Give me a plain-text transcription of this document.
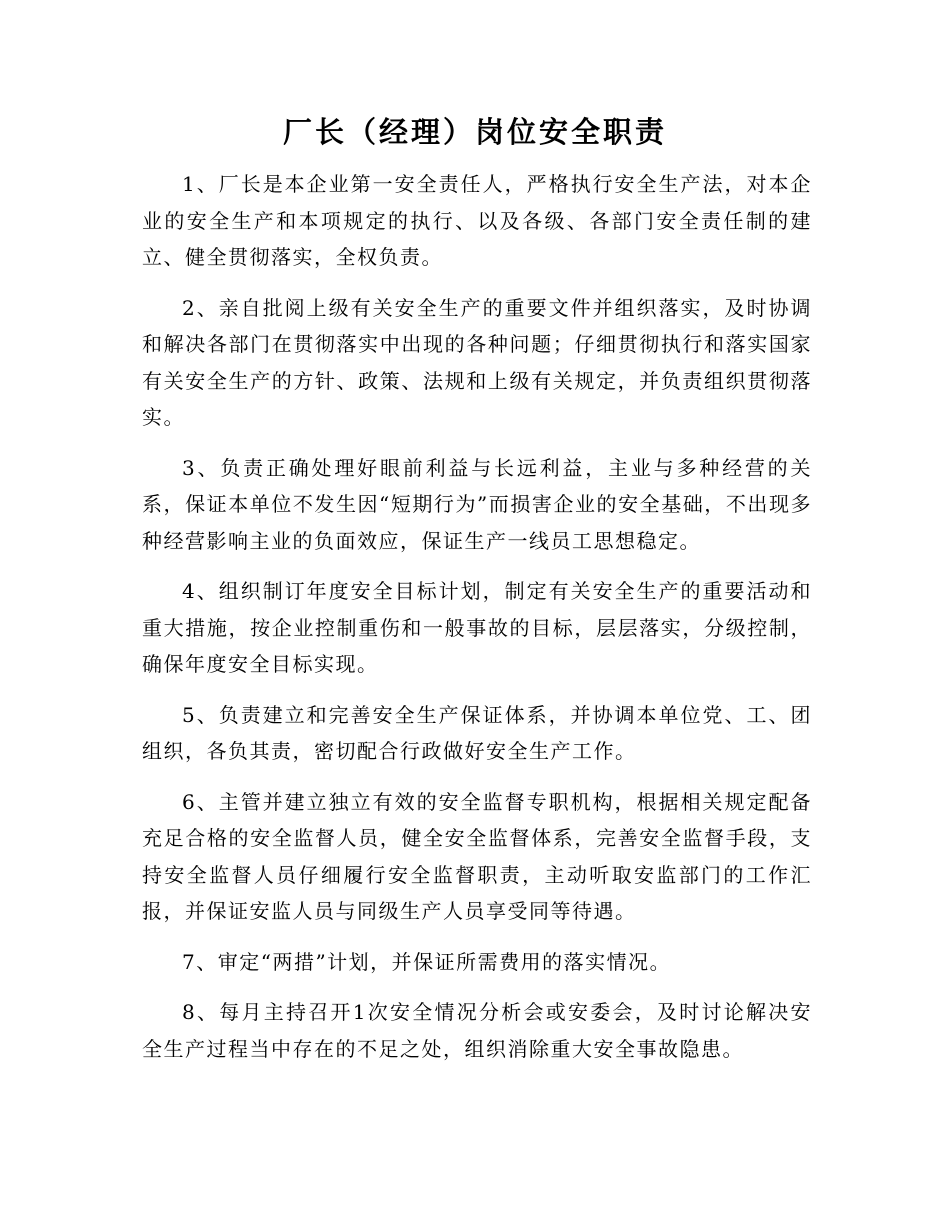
厂长（经理）岗位安全职责

1、厂长是本企业第一安全责任人，严格执行安全生产法，对本企业的安全生产和本项规定的执行、以及各级、各部门安全责任制的建立、健全贯彻落实，全权负责。

2、亲自批阅上级有关安全生产的重要文件并组织落实，及时协调和解决各部门在贯彻落实中出现的各种问题；仔细贯彻执行和落实国家有关安全生产的方针、政策、法规和上级有关规定，并负责组织贯彻落实。

3、负责正确处理好眼前利益与长远利益，主业与多种经营的关系，保证本单位不发生因“短期行为”而损害企业的安全基础，不出现多种经营影响主业的负面效应，保证生产一线员工思想稳定。

4、组织制订年度安全目标计划，制定有关安全生产的重要活动和重大措施，按企业控制重伤和一般事故的目标，层层落实，分级控制，确保年度安全目标实现。

5、负责建立和完善安全生产保证体系，并协调本单位党、工、团组织，各负其责，密切配合行政做好安全生产工作。

6、主管并建立独立有效的安全监督专职机构，根据相关规定配备充足合格的安全监督人员，健全安全监督体系，完善安全监督手段，支持安全监督人员仔细履行安全监督职责，主动听取安监部门的工作汇报，并保证安监人员与同级生产人员享受同等待遇。

7、审定“两措”计划，并保证所需费用的落实情况。

8、每月主持召开1次安全情况分析会或安委会，及时讨论解决安全生产过程当中存在的不足之处，组织消除重大安全事故隐患。
